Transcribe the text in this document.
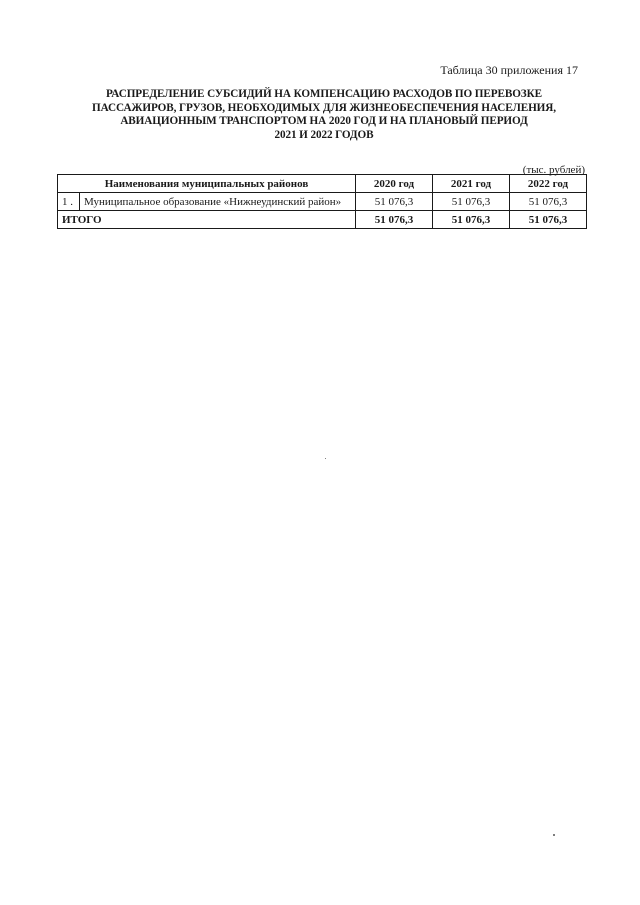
Таблица 30 приложения 17
РАСПРЕДЕЛЕНИЕ СУБСИДИЙ НА КОМПЕНСАЦИЮ РАСХОДОВ ПО ПЕРЕВОЗКЕ
ПАССАЖИРОВ, ГРУЗОВ, НЕОБХОДИМЫХ ДЛЯ ЖИЗНЕОБЕСПЕЧЕНИЯ НАСЕЛЕНИЯ,
АВИАЦИОННЫМ ТРАНСПОРТОМ НА 2020 ГОД И НА ПЛАНОВЫЙ ПЕРИОД
2021 И 2022 ГОДОВ
(тыс. рублей)
Наименования муниципальных районов		2020 год	2021 год	2022 год
1 .	Муниципальное образование «Нижнеудинский район»	51 076,3	51 076,3	51 076,3
ИТОГО		51 076,3	51 076,3	51 076,3
